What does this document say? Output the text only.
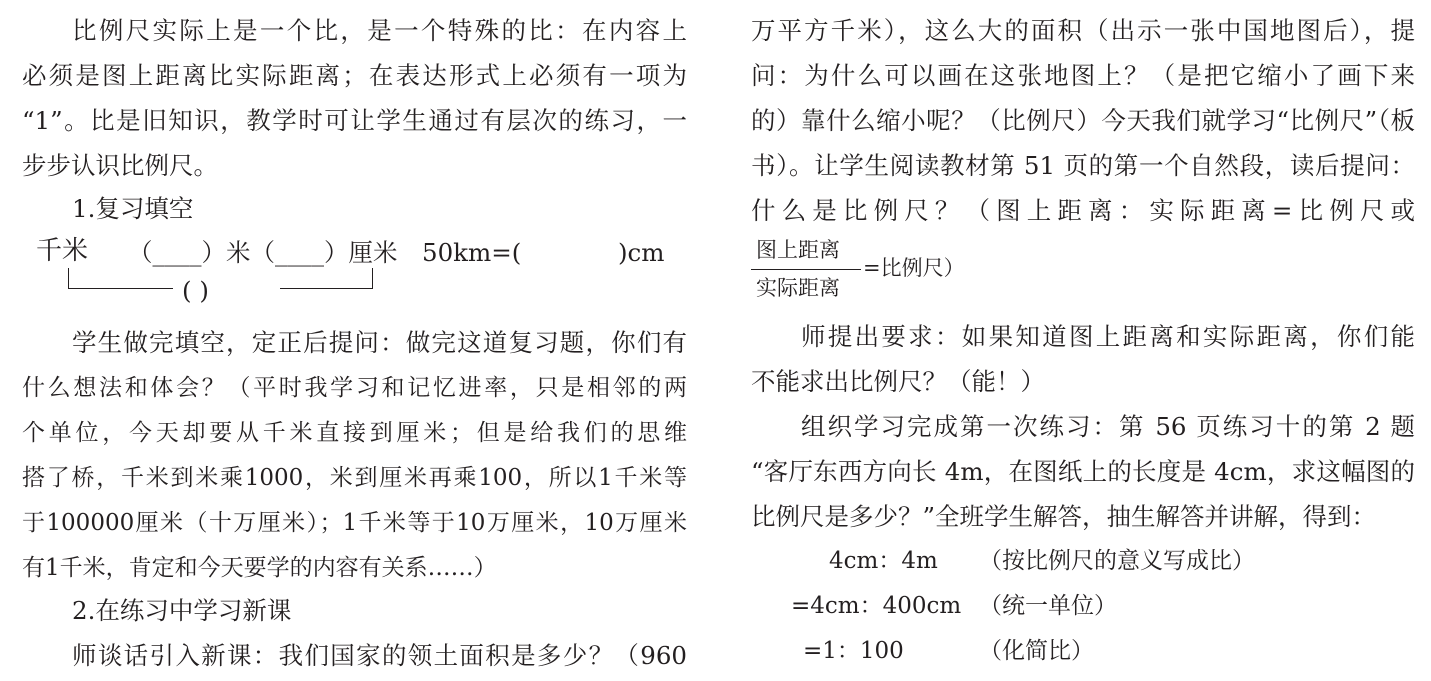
比例尺实际上是一个比，是一个特殊的比：在内容上
必须是图上距离比实际距离；在表达形式上必须有一项为
“1”。比是旧知识，教学时可让学生通过有层次的练习，一
步步认识比例尺。
1.复习填空
千米 （____）米（____）厘米 50km=(	)cm
( )
学生做完填空，定正后提问：做完这道复习题，你们有
什么想法和体会？（平时我学习和记忆进率，只是相邻的两
个单位，今天却要从千米直接到厘米；但是给我们的思维
搭了桥，千米到米乘1000，米到厘米再乘100，所以1千米等
于100000厘米（十万厘米）；1千米等于10万厘米，10万厘米
有1千米，肯定和今天要学的内容有关系……）
2.在练习中学习新课
师谈话引入新课：我们国家的领土面积是多少？（960
万平方千米），这么大的面积（出示一张中国地图后），提
问：为什么可以画在这张地图上？（是把它缩小了画下来
的）靠什么缩小呢？（比例尺）今天我们就学习“比例尺”（板
书）。让学生阅读教材第 51 页的第一个自然段，读后提问：
什么是比例尺？（图上距离：实际距离=比例尺或
图上距离
实际距离
=比例尺）
师提出要求：如果知道图上距离和实际距离，你们能
不能求出比例尺？（能！）
组织学习完成第一次练习：第 56 页练习十的第 2 题
“客厅东西方向长 4m，在图纸上的长度是 4cm，求这幅图的
比例尺是多少？”全班学生解答，抽生解答并讲解，得到：
4cm：4m （按比例尺的意义写成比）
=4cm：400cm （统一单位）
=1：100	（化简比）
